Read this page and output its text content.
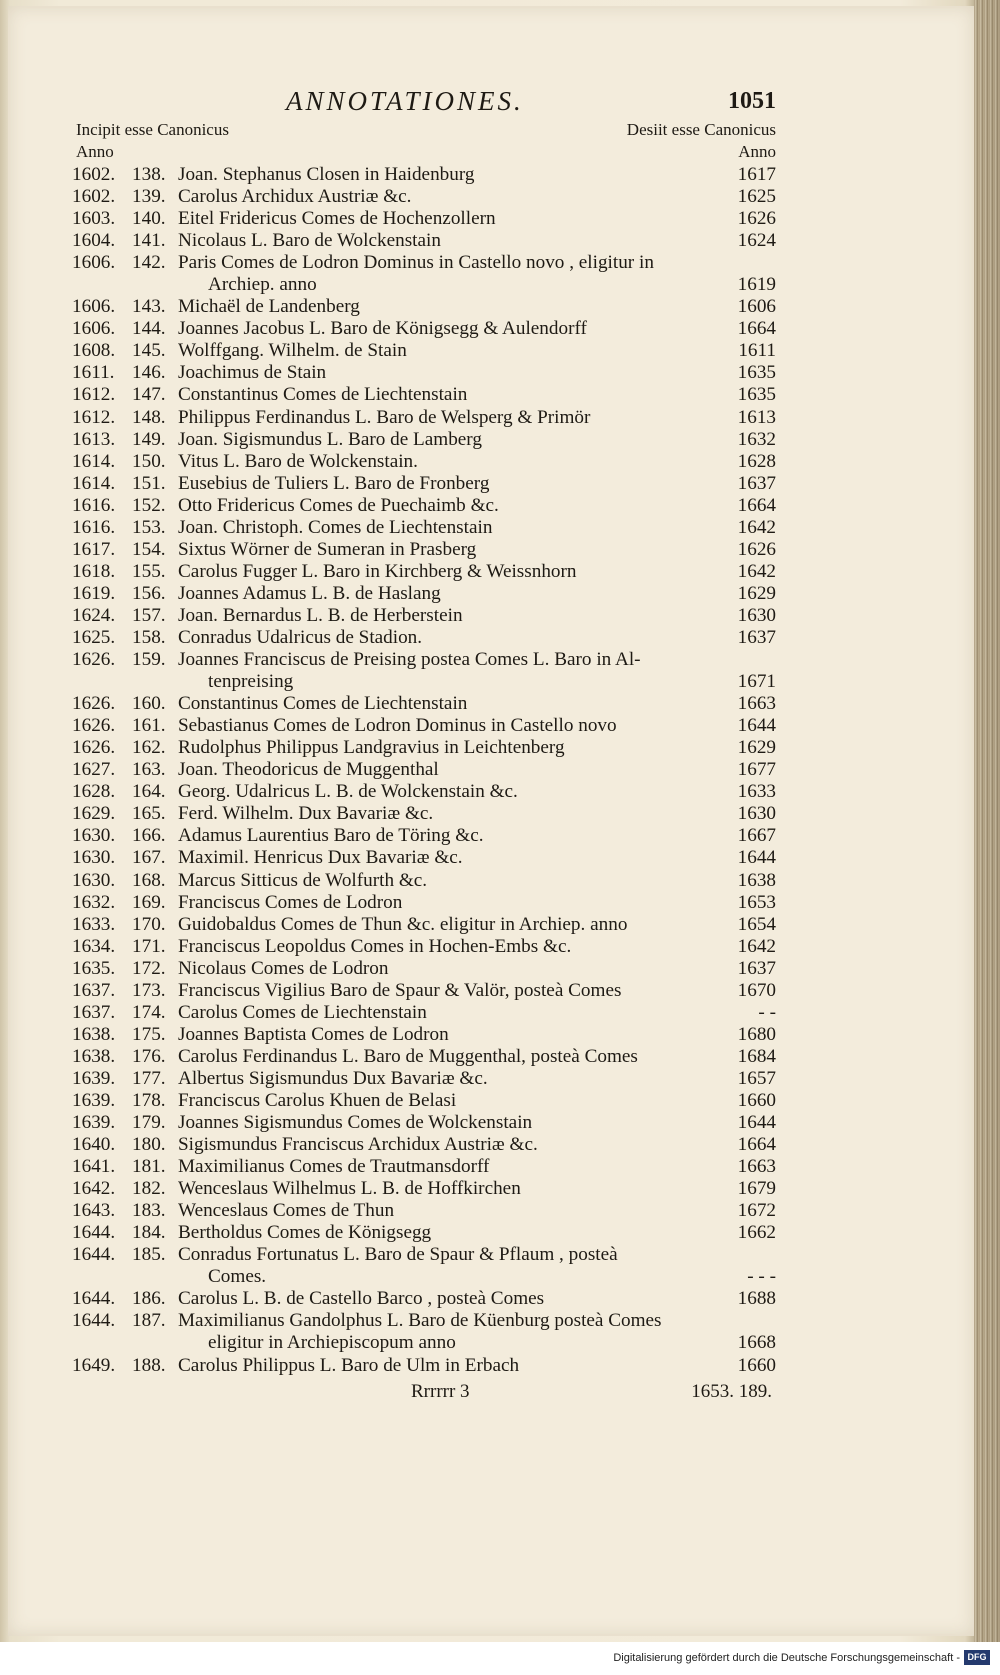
ANNOTATIONES.	1051
Incipit esse Canonicus	Desiit esse Canonicus
Anno	Anno
1602. 138. Joan. Stephanus Closen in Haidenburg	1617
1602. 139. Carolus Archidux Austriæ &c.	1625
1603. 140. Eitel Fridericus Comes de Hochenzollern	1626
1604. 141. Nicolaus L. Baro de Wolckenstain	1624
1606. 142. Paris Comes de Lodron Dominus in Castello novo , eligitur in
Archiep. anno	1619
1606. 143. Michaël de Landenberg	1606
1606. 144. Joannes Jacobus L. Baro de Königsegg & Aulendorff	1664
1608. 145. Wolffgang. Wilhelm. de Stain	1611
1611. 146. Joachimus de Stain	1635
1612. 147. Constantinus Comes de Liechtenstain	1635
1612. 148. Philippus Ferdinandus L. Baro de Welsperg & Primör	1613
1613. 149. Joan. Sigismundus L. Baro de Lamberg	1632
1614. 150. Vitus L. Baro de Wolckenstain.	1628
1614. 151. Eusebius de Tuliers L. Baro de Fronberg	1637
1616. 152. Otto Fridericus Comes de Puechaimb &c.	1664
1616. 153. Joan. Christoph. Comes de Liechtenstain	1642
1617. 154. Sixtus Wörner de Sumeran in Prasberg	1626
1618. 155. Carolus Fugger L. Baro in Kirchberg & Weissnhorn	1642
1619. 156. Joannes Adamus L. B. de Haslang	1629
1624. 157. Joan. Bernardus L. B. de Herberstein	1630
1625. 158. Conradus Udalricus de Stadion.	1637
1626. 159. Joannes Franciscus de Preising postea Comes L. Baro in Al-
tenpreising	1671
1626. 160. Constantinus Comes de Liechtenstain	1663
1626. 161. Sebastianus Comes de Lodron Dominus in Castello novo	1644
1626. 162. Rudolphus Philippus Landgravius in Leichtenberg	1629
1627. 163. Joan. Theodoricus de Muggenthal	1677
1628. 164. Georg. Udalricus L. B. de Wolckenstain &c.	1633
1629. 165. Ferd. Wilhelm. Dux Bavariæ &c.	1630
1630. 166. Adamus Laurentius Baro de Töring &c.	1667
1630. 167. Maximil. Henricus Dux Bavariæ &c.	1644
1630. 168. Marcus Sitticus de Wolfurth &c.	1638
1632. 169. Franciscus Comes de Lodron	1653
1633. 170. Guidobaldus Comes de Thun &c. eligitur in Archiep. anno	1654
1634. 171. Franciscus Leopoldus Comes in Hochen-Embs &c.	1642
1635. 172. Nicolaus Comes de Lodron	1637
1637. 173. Franciscus Vigilius Baro de Spaur & Valör, posteà Comes	1670
1637. 174. Carolus Comes de Liechtenstain	- -
1638. 175. Joannes Baptista Comes de Lodron	1680
1638. 176. Carolus Ferdinandus L. Baro de Muggenthal, posteà Comes	1684
1639. 177. Albertus Sigismundus Dux Bavariæ &c.	1657
1639. 178. Franciscus Carolus Khuen de Belasi	1660
1639. 179. Joannes Sigismundus Comes de Wolckenstain	1644
1640. 180. Sigismundus Franciscus Archidux Austriæ &c.	1664
1641. 181. Maximilianus Comes de Trautmansdorff	1663
1642. 182. Wenceslaus Wilhelmus L. B. de Hoffkirchen	1679
1643. 183. Wenceslaus Comes de Thun	1672
1644. 184. Bertholdus Comes de Königsegg	1662
1644. 185. Conradus Fortunatus L. Baro de Spaur & Pflaum , posteà
Comes.	- - -
1644. 186. Carolus L. B. de Castello Barco , posteà Comes	1688
1644. 187. Maximilianus Gandolphus L. Baro de Küenburg posteà Comes
eligitur in Archiepiscopum anno	1668
1649. 188. Carolus Philippus L. Baro de Ulm in Erbach	1660
Rrrrrr 3	1653. 189.
Digitalisierung gefördert durch die Deutsche Forschungsgemeinschaft - DFG
